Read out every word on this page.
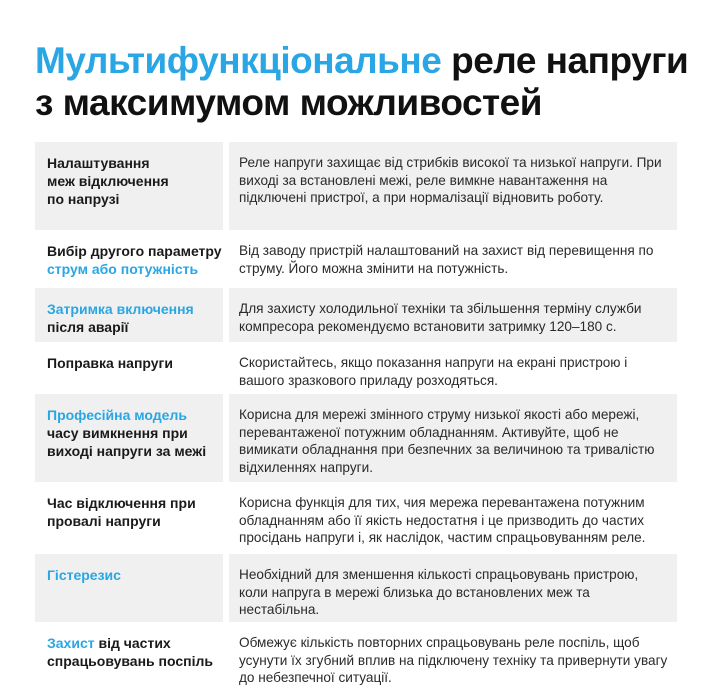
Мультифункціональне реле напруги
з максимумом можливостей
Налаштування
меж відключення
по напрузі
Реле напруги захищає від стрибків високої та низької напруги. При виході за встановлені межі, реле вимкне навантаження на підключені пристрої, а при нормалізації відновить роботу.
Вибір другого параметру
струм або потужність
Від заводу пристрій налаштований на захист від перевищення по струму. Його можна змінити на потужність.
Затримка включення
після аварії
Для захисту холодильної техніки та збільшення терміну служби компресора рекомендуємо встановити затримку 120–180 с.
Поправка напруги	Скористайтесь, якщо показання напруги на екрані пристрою і вашого зразкового приладу розходяться.
Професійна модель
часу вимкнення при
виході напруги за межі
Корисна для мережі змінного струму низької якості або мережі, перевантаженої потужним обладнанням. Активуйте, щоб не вимикати обладнання при безпечних за величиною та тривалістю відхиленнях напруги.
Час відключення при
провалі напруги
Корисна функція для тих, чия мережа перевантажена потужним обладнанням або її якість недостатня і це призводить до частих просідань напруги і, як наслідок, частим спрацьовуванням реле.
Гістерезис	Необхідний для зменшення кількості спрацьовувань пристрою, коли напруга в мережі близька до встановлених меж та нестабільна.
Захист від частих
спрацьовувань поспіль
Обмежує кількість повторних спрацьовувань реле поспіль, щоб усунути їх згубний вплив на підключену техніку та привернути увагу до небезпечної ситуації.
